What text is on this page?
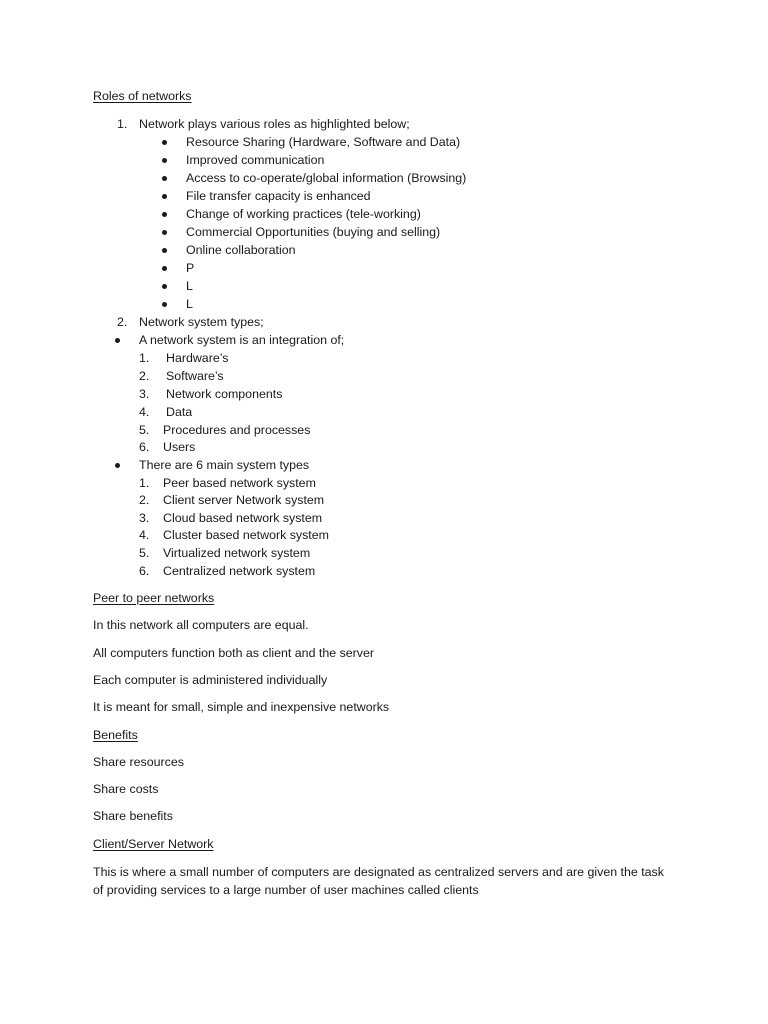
Roles of networks
1. Network plays various roles as highlighted below;
Resource Sharing (Hardware, Software and Data)
Improved communication
Access to co-operate/global information (Browsing)
File transfer capacity is enhanced
Change of working practices (tele-working)
Commercial Opportunities (buying and selling)
Online collaboration
P
L
L
2. Network system types;
A network system is an integration of;
1. Hardware’s
2. Software’s
3. Network components
4. Data
5. Procedures and processes
6. Users
There are 6 main system types
1. Peer based network system
2. Client server Network system
3. Cloud based network system
4. Cluster based network system
5. Virtualized network system
6. Centralized network system
Peer to peer networks
In this network all computers are equal.
All computers function both as client and the server
Each computer is administered individually
It is meant for small, simple and inexpensive networks
Benefits
Share resources
Share costs
Share benefits
Client/Server Network
This is where a small number of computers are designated as centralized servers and are given the task of providing services to a large number of user machines called clients
